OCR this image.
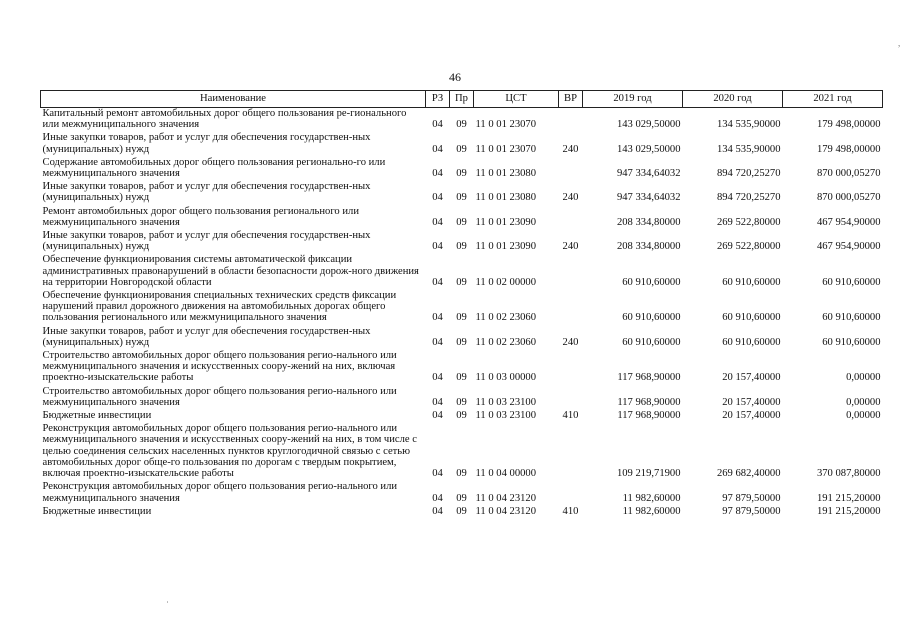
46
Наименование	РЗ	Пр	ЦСТ	ВР	2019 год	2020 год	2021 год
Капитальный ремонт автомобильных дорог общего пользования ре-гионального или межмуниципального значения	04	09	11 0 01 23070		143 029,50000	134 535,90000	179 498,00000
Иные закупки товаров, работ и услуг для обеспечения государствен-ных (муниципальных) нужд	04	09	11 0 01 23070	240	143 029,50000	134 535,90000	179 498,00000
Содержание автомобильных дорог общего пользования регионально-го или межмуниципального значения	04	09	11 0 01 23080		947 334,64032	894 720,25270	870 000,05270
Иные закупки товаров, работ и услуг для обеспечения государствен-ных (муниципальных) нужд	04	09	11 0 01 23080	240	947 334,64032	894 720,25270	870 000,05270
Ремонт автомобильных дорог общего пользования регионального или межмуниципального значения	04	09	11 0 01 23090		208 334,80000	269 522,80000	467 954,90000
Иные закупки товаров, работ и услуг для обеспечения государствен-ных (муниципальных) нужд	04	09	11 0 01 23090	240	208 334,80000	269 522,80000	467 954,90000
Обеспечение функционирования системы автоматической фиксации административных правонарушений в области безопасности дорож-ного движения на территории Новгородской области	04	09	11 0 02 00000		60 910,60000	60 910,60000	60 910,60000
Обеспечение функционирования специальных технических средств фиксации нарушений правил дорожного движения на автомобильных дорогах общего пользования регионального или межмуниципального значения	04	09	11 0 02 23060		60 910,60000	60 910,60000	60 910,60000
Иные закупки товаров, работ и услуг для обеспечения государствен-ных (муниципальных) нужд	04	09	11 0 02 23060	240	60 910,60000	60 910,60000	60 910,60000
Строительство автомобильных дорог общего пользования регио-нального или межмуниципального значения и искусственных соору-жений на них, включая проектно-изыскательские работы	04	09	11 0 03 00000		117 968,90000	20 157,40000	0,00000
Строительство автомобильных дорог общего пользования регио-нального или межмуниципального значения	04	09	11 0 03 23100		117 968,90000	20 157,40000	0,00000
Бюджетные инвестиции	04	09	11 0 03 23100	410	117 968,90000	20 157,40000	0,00000
Реконструкция автомобильных дорог общего пользования регио-нального или межмуниципального значения и искусственных соору-жений на них, в том числе с целью соединения сельских населенных пунктов круглогодичной связью с сетью автомобильных дорог обще-го пользования по дорогам с твердым покрытием, включая проектно-изыскательские работы	04	09	11 0 04 00000		109 219,71900	269 682,40000	370 087,80000
Реконструкция автомобильных дорог общего пользования регио-нального или межмуниципального значения	04	09	11 0 04 23120		11 982,60000	97 879,50000	191 215,20000
Бюджетные инвестиции	04	09	11 0 04 23120	410	11 982,60000	97 879,50000	191 215,20000
˙
,
